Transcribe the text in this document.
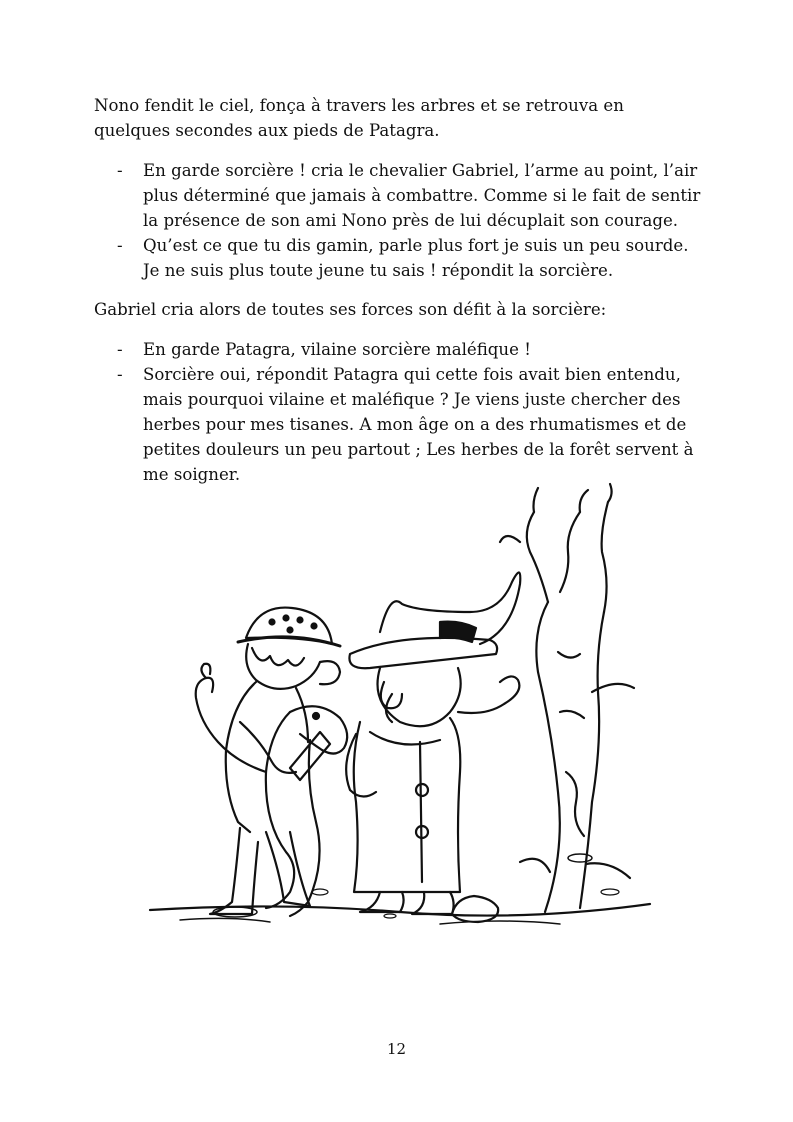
Nono fendit le ciel, fonça à travers les arbres et se retrouva en quelques secondes aux pieds de Patagra.

- En garde sorcière ! cria le chevalier Gabriel, l’arme au point, l’air plus déterminé que jamais à combattre. Comme si le fait de sentir la présence de son ami Nono près de lui décuplait son courage.
- Qu’est ce que tu dis gamin, parle plus fort je suis un peu sourde. Je ne suis plus toute jeune tu sais ! répondit la sorcière.

Gabriel cria alors de toutes ses forces son défit à la sorcière:

- En garde Patagra, vilaine sorcière maléfique !
- Sorcière oui, répondit Patagra qui cette fois avait bien entendu, mais pourquoi vilaine et maléfique ? Je viens juste chercher des herbes pour mes tisanes. A mon âge on a des rhumatismes et de petites douleurs un peu partout ; Les herbes de la forêt servent à me soigner.
12
